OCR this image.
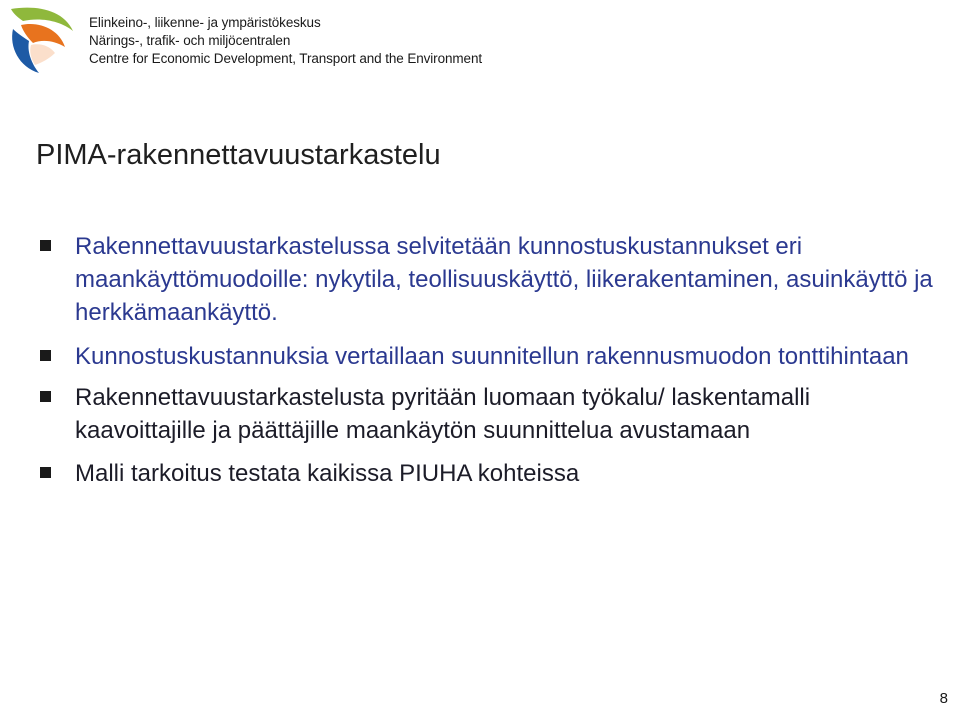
Elinkeino-, liikenne- ja ympäristökeskus
Närings-, trafik- och miljöcentralen
Centre for Economic Development, Transport and the Environment
PIMA-rakennettavuustarkastelu
Rakennettavuustarkastelussa selvitetään kunnostuskustannukset eri maankäyttömuodoille: nykytila, teollisuuskäyttö, liikerakentaminen, asuinkäyttö ja herkkämaankäyttö.
Kunnostuskustannuksia vertaillaan suunnitellun rakennusmuodon tonttihintaan
Rakennettavuustarkastelusta pyritään luomaan työkalu/ laskentamalli kaavoittajille ja päättäjille maankäytön suunnittelua avustamaan
Malli tarkoitus testata kaikissa PIUHA kohteissa
8
